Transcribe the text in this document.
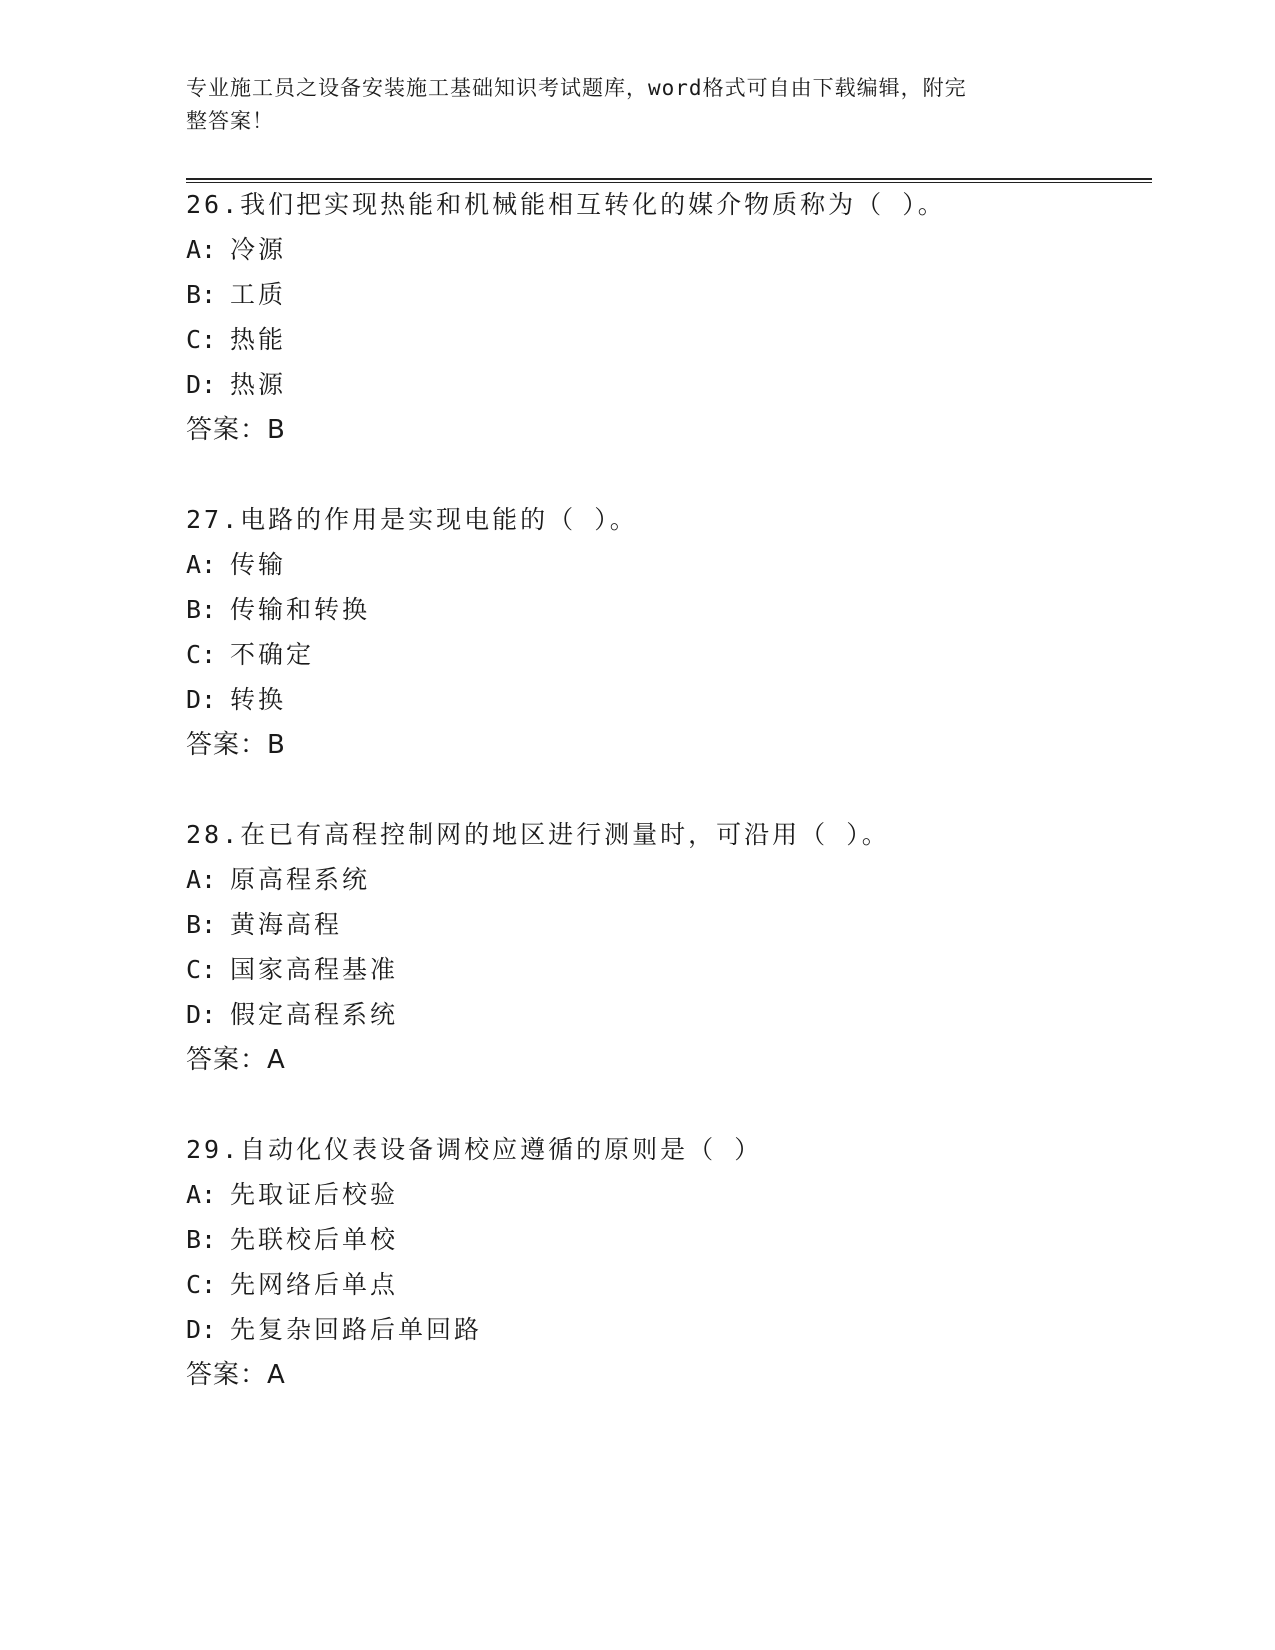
专业施工员之设备安装施工基础知识考试题库，word格式可自由下载编辑，附完
整答案！
26.我们把实现热能和机械能相互转化的媒介物质称为（ ）。
A: 冷源
B: 工质
C: 热能
D: 热源
答案：B
27.电路的作用是实现电能的（ ）。
A: 传输
B: 传输和转换
C: 不确定
D: 转换
答案：B
28.在已有高程控制网的地区进行测量时，可沿用（ ）。
A: 原高程系统
B: 黄海高程
C: 国家高程基准
D: 假定高程系统
答案：A
29.自动化仪表设备调校应遵循的原则是（ ）
A: 先取证后校验
B: 先联校后单校
C: 先网络后单点
D: 先复杂回路后单回路
答案：A
